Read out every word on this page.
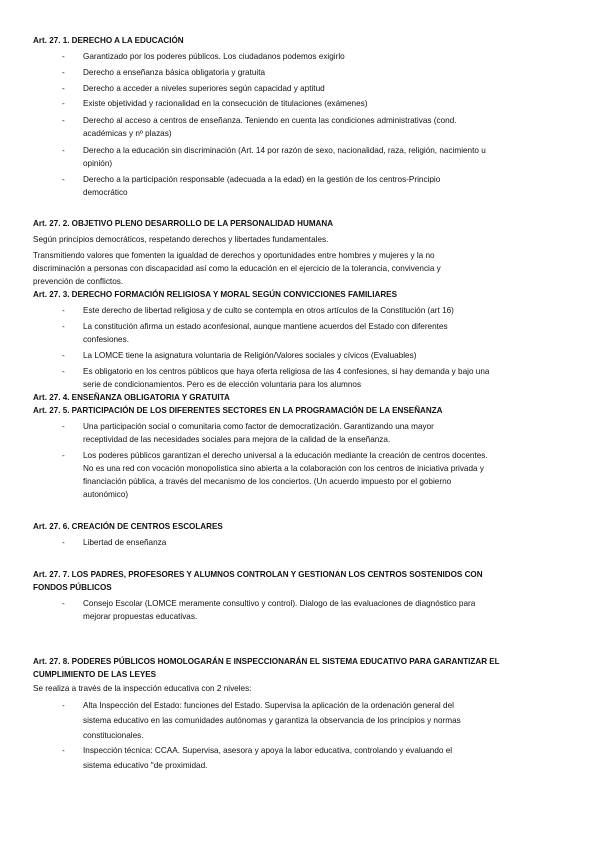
Art. 27. 1. DERECHO A LA EDUCACIÓN
- Garantizado por los poderes públicos. Los ciudadanos podemos exigirlo
- Derecho a enseñanza básica obligatoria y gratuita
- Derecho a acceder a niveles superiores según capacidad y aptitud
- Existe objetividad y racionalidad en la consecución de titulaciones (exámenes)
- Derecho al acceso a centros de enseñanza. Teniendo en cuenta las condiciones administrativas (cond.
académicas y nº plazas)
- Derecho a la educación sin discriminación (Art. 14 por razón de sexo, nacionalidad, raza, religión, nacimiento u
opinión)
- Derecho a la participación responsable (adecuada a la edad) en la gestión de los centros-Principio
democrático
Art. 27. 2. OBJETIVO PLENO DESARROLLO DE LA PERSONALIDAD HUMANA
Según principios democráticos, respetando derechos y libertades fundamentales.
Transmitiendo valores que fomenten la igualdad de derechos y oportunidades entre hombres y mujeres y la no
discriminación a personas con discapacidad así como la educación en el ejercicio de la tolerancia, convivencia y
prevención de conflictos.
Art. 27. 3. DERECHO FORMACIÓN RELIGIOSA Y MORAL SEGÚN CONVICCIONES FAMILIARES
- Este derecho de libertad religiosa y de culto se contempla en otros artículos de la Constitución (art 16)
- La constitución afirma un estado aconfesional, aunque mantiene acuerdos del Estado con diferentes
confesiones.
- La LOMCE tiene la asignatura voluntaria de Religión/Valores sociales y cívicos (Evaluables)
- Es obligatorio en los centros públicos que haya oferta religiosa de las 4 confesiones, si hay demanda y bajo una
serie de condicionamientos. Pero es de elección voluntaria para los alumnos
Art. 27. 4. ENSEÑANZA OBLIGATORIA Y GRATUITA
Art. 27. 5. PARTICIPACIÓN DE LOS DIFERENTES SECTORES EN LA PROGRAMACIÓN DE LA ENSEÑANZA
- Una participación social o comunitaria como factor de democratización. Garantizando una mayor
receptividad de las necesidades sociales para mejora de la calidad de la enseñanza.
- Los poderes públicos garantizan el derecho universal a la educación mediante la creación de centros docentes.
No es una red con vocación monopolística sino abierta a la colaboración con los centros de iniciativa privada y
financiación pública, a través del mecanismo de los conciertos. (Un acuerdo impuesto por el gobierno
autonómico)
Art. 27. 6. CREACIÓN DE CENTROS ESCOLARES
- Libertad de enseñanza
Art. 27. 7. LOS PADRES, PROFESORES Y ALUMNOS CONTROLAN Y GESTIONAN LOS CENTROS SOSTENIDOS CON
FONDOS PÚBLICOS
- Consejo Escolar (LOMCE meramente consultivo y control). Dialogo de las evaluaciones de diagnóstico para
mejorar propuestas educativas.
Art. 27. 8. PODERES PÚBLICOS HOMOLOGARÁN E INSPECCIONARÁN EL SISTEMA EDUCATIVO PARA GARANTIZAR EL
CUMPLIMIENTO DE LAS LEYES
Se realiza a través de la inspección educativa con 2 niveles:
- Alta Inspección del Estado: funciones del Estado. Supervisa la aplicación de la ordenación general del
sistema educativo en las comunidades autónomas y garantiza la observancia de los principios y normas
constitucionales.
- Inspección técnica: CCAA. Supervisa, asesora y apoya la labor educativa, controlando y evaluando el
sistema educativo "de proximidad.
